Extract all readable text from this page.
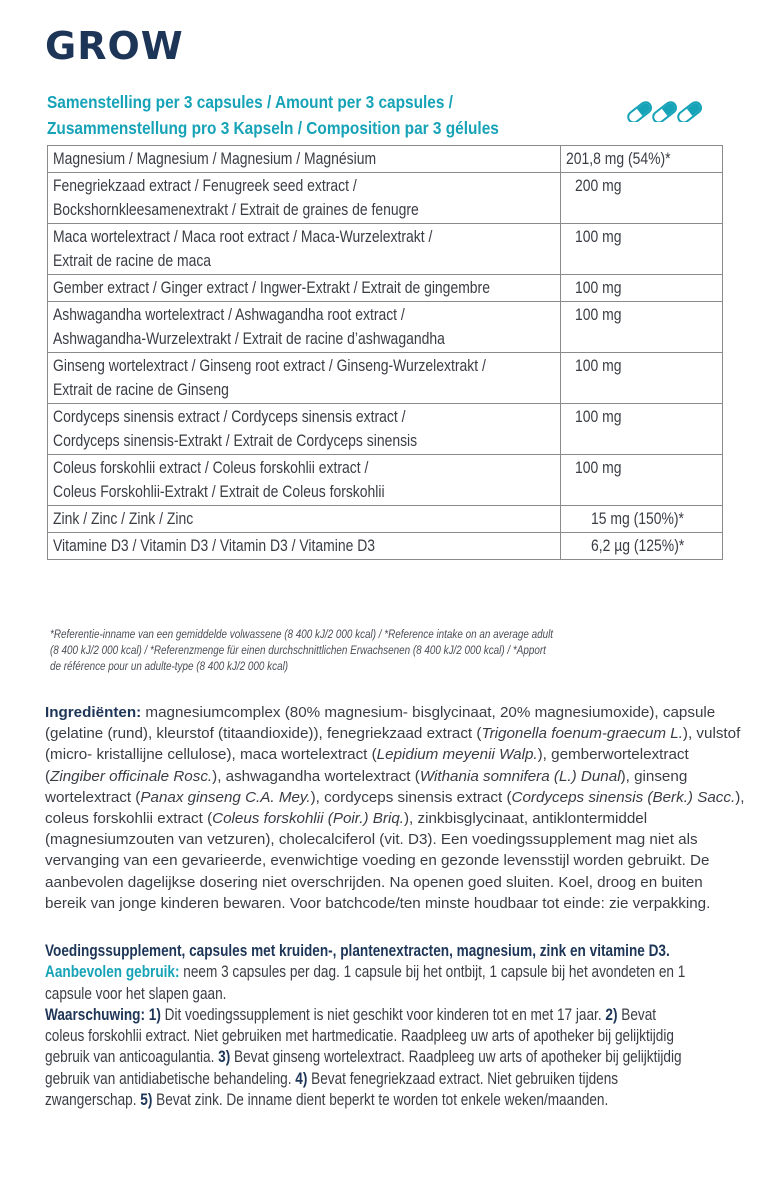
GROW
Samenstelling per 3 capsules / Amount per 3 capsules /
Zusammenstellung pro 3 Kapseln / Composition par 3 gélules
Magnesium / Magnesium / Magnesium / Magnésium	201,8 mg (54%)*
Fenegriekzaad extract / Fenugreek seed extract /
Bockshornkleesamenextrakt / Extrait de graines de fenugre	200 mg
Maca wortelextract / Maca root extract / Maca-Wurzelextrakt /
Extrait de racine de maca	100 mg
Gember extract / Ginger extract / Ingwer-Extrakt / Extrait de gingembre	100 mg
Ashwagandha wortelextract / Ashwagandha root extract /
Ashwagandha-Wurzelextrakt / Extrait de racine d’ashwagandha	100 mg
Ginseng wortelextract / Ginseng root extract / Ginseng-Wurzelextrakt /
Extrait de racine de Ginseng	100 mg
Cordyceps sinensis extract / Cordyceps sinensis extract /
Cordyceps sinensis-Extrakt / Extrait de Cordyceps sinensis	100 mg
Coleus forskohlii extract / Coleus forskohlii extract /
Coleus Forskohlii-Extrakt / Extrait de Coleus forskohlii	100 mg
Zink / Zinc / Zink / Zinc	15 mg (150%)*
Vitamine D3 / Vitamin D3 / Vitamin D3 / Vitamine D3	6,2 µg (125%)*
*Referentie-inname van een gemiddelde volwassene (8 400 kJ/2 000 kcal) / *Reference intake on an average adult
(8 400 kJ/2 000 kcal) / *Referenzmenge für einen durchschnittlichen Erwachsenen (8 400 kJ/2 000 kcal) / *Apport
de référence pour un adulte-type (8 400 kJ/2 000 kcal)
Ingrediënten: magnesiumcomplex (80% magnesium- bisglycinaat, 20% magnesiumoxide), capsule (gelatine (rund), kleurstof (titaandioxide)), fenegriekzaad extract (Trigonella foenum-graecum L.), vulstof (micro- kristallijne cellulose), maca wortelextract (Lepidium meyenii Walp.), gemberwortelextract (Zingiber officinale Rosc.), ashwagandha wortelextract (Withania somnifera (L.) Dunal), ginseng wortelextract (Panax ginseng C.A. Mey.), cordyceps sinensis extract (Cordyceps sinensis (Berk.) Sacc.), coleus forskohlii extract (Coleus forskohlii (Poir.) Briq.), zinkbisglycinaat, antiklontermiddel (magnesiumzouten van vetzuren), cholecalciferol (vit. D3). Een voedingssupplement mag niet als vervanging van een gevarieerde, evenwichtige voeding en gezonde levensstijl worden gebruikt. De aanbevolen dagelijkse dosering niet overschrijden. Na openen goed sluiten. Koel, droog en buiten bereik van jonge kinderen bewaren. Voor batchcode/ten minste houdbaar tot einde: zie verpakking.
Voedingssupplement, capsules met kruiden-, plantenextracten, magnesium, zink en vitamine D3.
Aanbevolen gebruik: neem 3 capsules per dag. 1 capsule bij het ontbijt, 1 capsule bij het avondeten en 1
capsule voor het slapen gaan.
Waarschuwing: 1) Dit voedingssupplement is niet geschikt voor kinderen tot en met 17 jaar. 2) Bevat
coleus forskohlii extract. Niet gebruiken met hartmedicatie. Raadpleeg uw arts of apotheker bij gelijktijdig
gebruik van anticoagulantia. 3) Bevat ginseng wortelextract. Raadpleeg uw arts of apotheker bij gelijktijdig
gebruik van antidiabetische behandeling. 4) Bevat fenegriekzaad extract. Niet gebruiken tijdens
zwangerschap. 5) Bevat zink. De inname dient beperkt te worden tot enkele weken/maanden.
